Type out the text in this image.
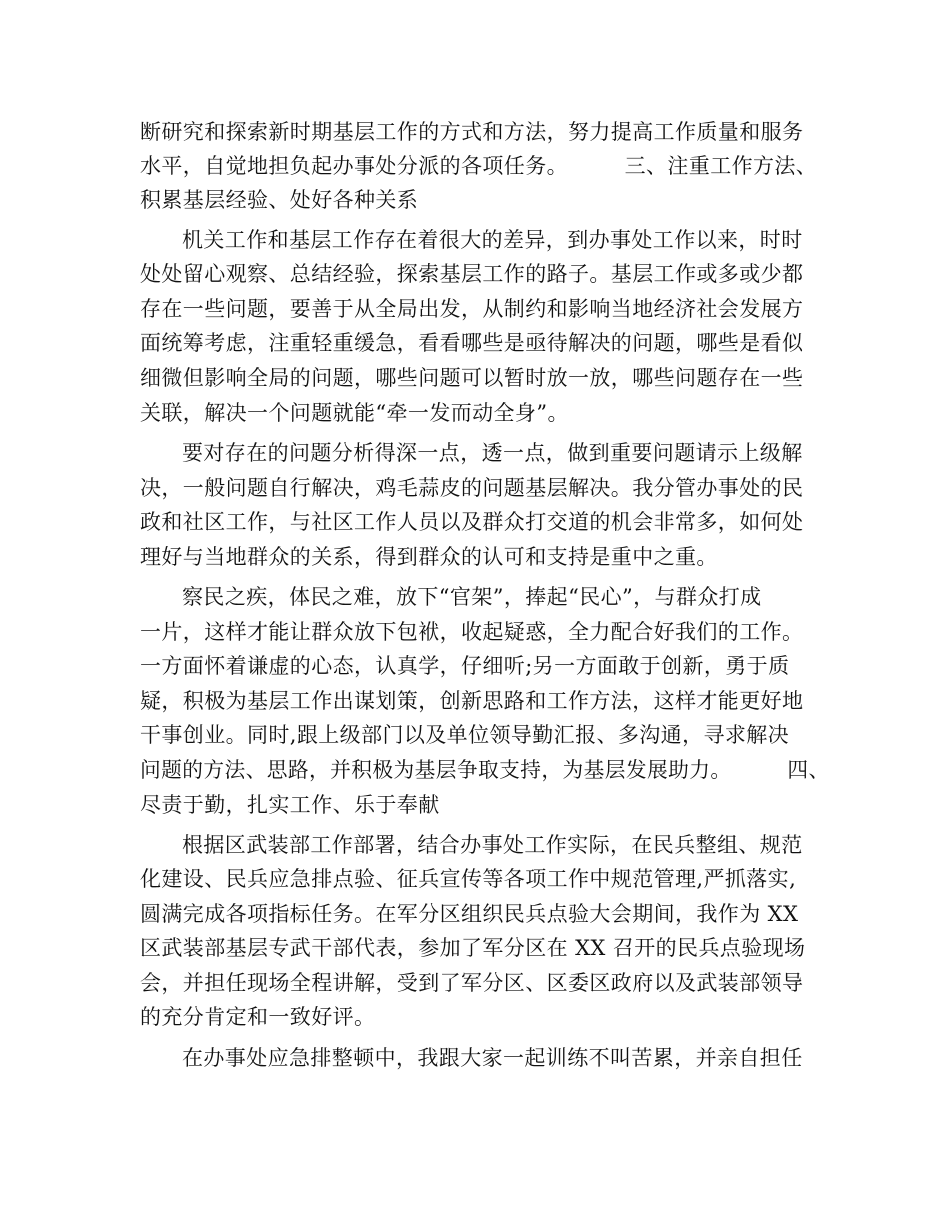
断研究和探索新时期基层工作的方式和方法，努力提高工作质量和服务
水平，自觉地担负起办事处分派的各项任务。        三、注重工作方法、
积累基层经验、处好各种关系
机关工作和基层工作存在着很大的差异，到办事处工作以来，时时
处处留心观察、总结经验，探索基层工作的路子。基层工作或多或少都
存在一些问题，要善于从全局出发，从制约和影响当地经济社会发展方
面统筹考虑，注重轻重缓急，看看哪些是亟待解决的问题，哪些是看似
细微但影响全局的问题，哪些问题可以暂时放一放，哪些问题存在一些
关联，解决一个问题就能“牵一发而动全身”。
要对存在的问题分析得深一点，透一点，做到重要问题请示上级解
决，一般问题自行解决，鸡毛蒜皮的问题基层解决。我分管办事处的民
政和社区工作，与社区工作人员以及群众打交道的机会非常多，如何处
理好与当地群众的关系，得到群众的认可和支持是重中之重。
察民之疾，体民之难，放下“官架”，捧起“民心”，与群众打成
一片，这样才能让群众放下包袱，收起疑惑，全力配合好我们的工作。
一方面怀着谦虚的心态，认真学，仔细听;另一方面敢于创新，勇于质
疑，积极为基层工作出谋划策，创新思路和工作方法，这样才能更好地
干事创业。同时,跟上级部门以及单位领导勤汇报、多沟通，寻求解决
问题的方法、思路，并积极为基层争取支持，为基层发展助力。        四、
尽责于勤，扎实工作、乐于奉献
根据区武装部工作部署，结合办事处工作实际，在民兵整组、规范
化建设、民兵应急排点验、征兵宣传等各项工作中规范管理,严抓落实,
圆满完成各项指标任务。在军分区组织民兵点验大会期间，我作为 XX
区武装部基层专武干部代表，参加了军分区在 XX 召开的民兵点验现场
会，并担任现场全程讲解，受到了军分区、区委区政府以及武装部领导
的充分肯定和一致好评。
在办事处应急排整顿中，我跟大家一起训练不叫苦累，并亲自担任
